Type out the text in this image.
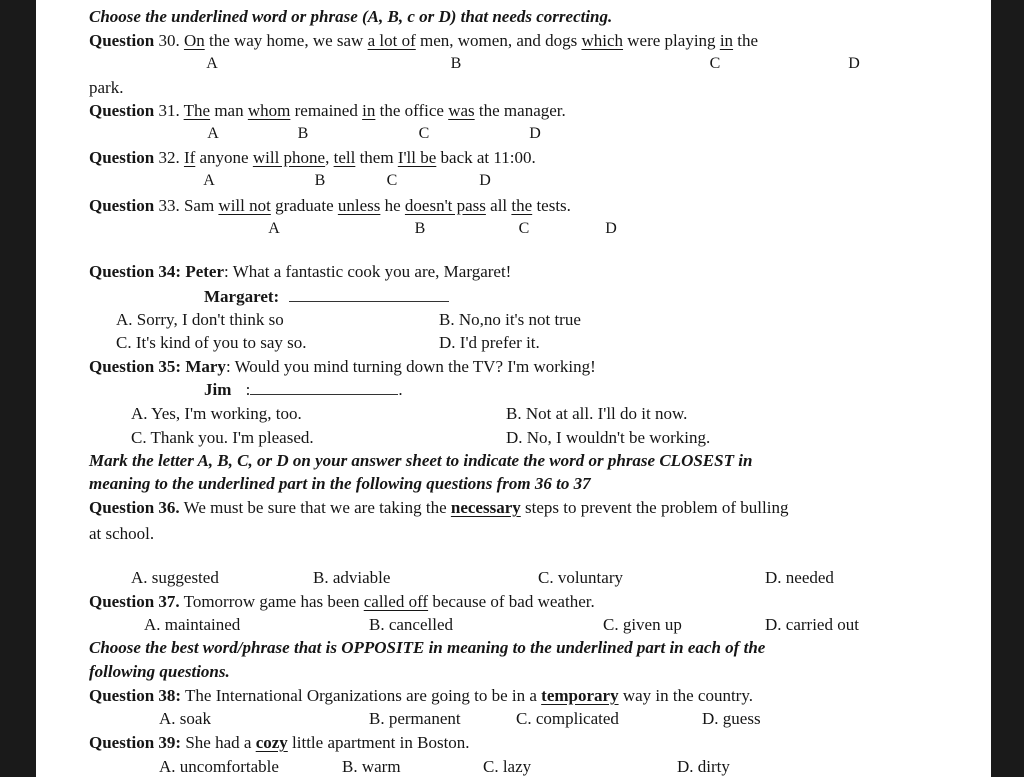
Choose the underlined word or phrase (A, B, c or D) that needs correcting.
Question 30. On the way home, we saw a lot of men, women, and dogs which were playing in the
A	B	C	D
park.
Question 31. The man whom remained in the office was the manager.
A	B	C	D
Question 32. If anyone will phone, tell them I'll be back at 11:00.
A	B	C	D
Question 33. Sam will not graduate unless he doesn't pass all the tests.
A	B	C	D
Question 34: Peter: What a fantastic cook you are, Margaret!
Margaret:
A. Sorry, I don't think so	B. No,no it's not true
C. It's kind of you to say so.	D. I'd prefer it.
Question 35: Mary: Would you mind turning down the TV? I'm working!
Jim :	.
A. Yes, I'm working, too.	B. Not at all. I'll do it now.
C. Thank you. I'm pleased.	D. No, I wouldn't be working.
Mark the letter A, B, C, or D on your answer sheet to indicate the word or phrase CLOSEST in
meaning to the underlined part in the following questions from 36 to 37
Question 36. We must be sure that we are taking the necessary steps to prevent the problem of bulling
at school.
A. suggested	B. adviable	C. voluntary	D. needed
Question 37. Tomorrow game has been called off because of bad weather.
A. maintained	B. cancelled	C. given up	D. carried out
Choose the best word/phrase that is OPPOSITE in meaning to the underlined part in each of the
following questions.
Question 38: The International Organizations are going to be in a temporary way in the country.
A. soak	B. permanent	C. complicated	D. guess
Question 39: She had a cozy little apartment in Boston.
A. uncomfortable	B. warm	C. lazy	D. dirty
